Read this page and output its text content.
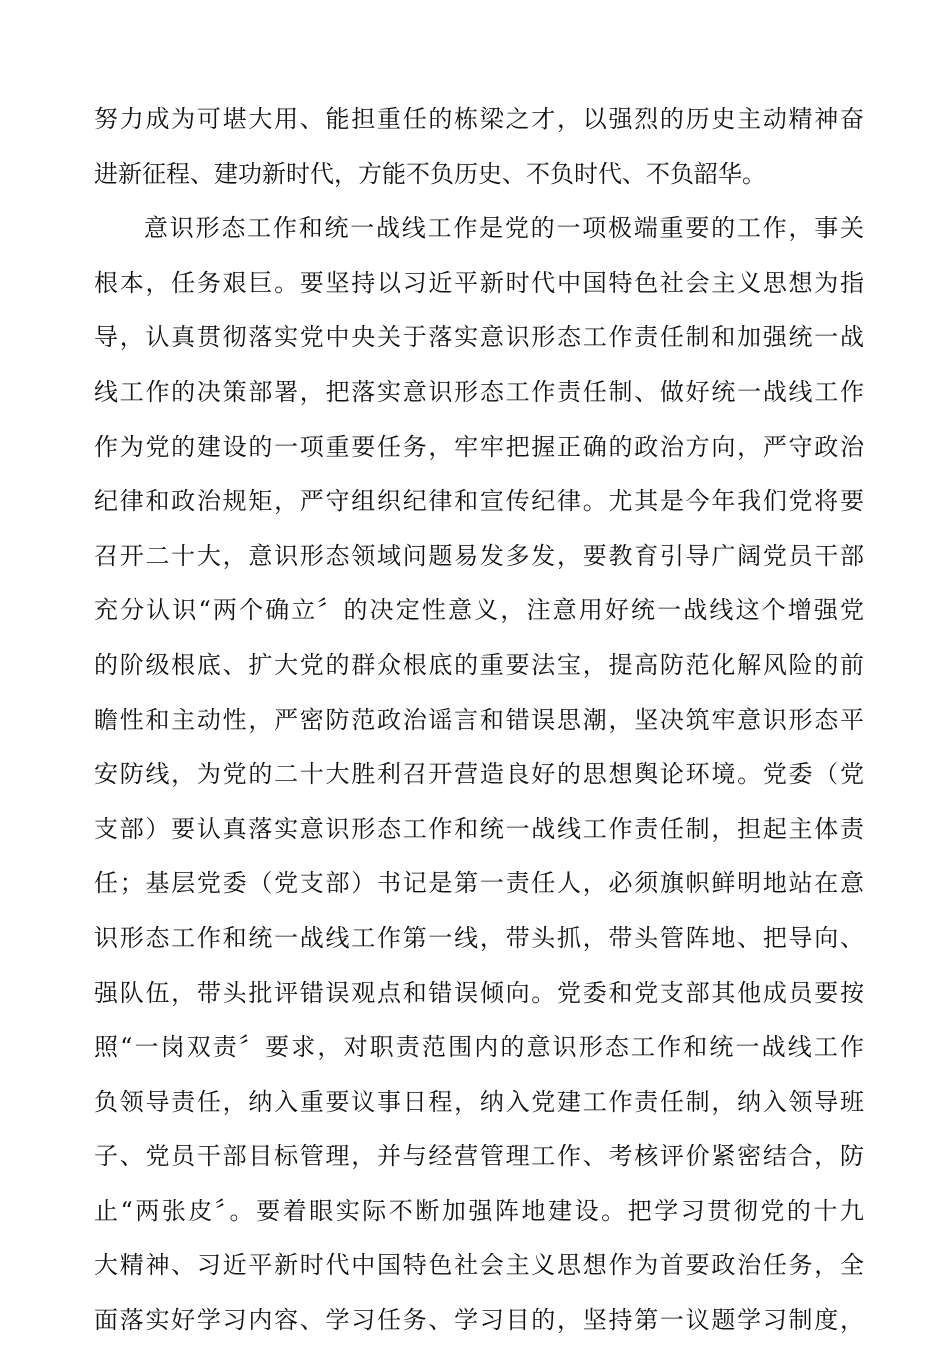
努力成为可堪大用、能担重任的栋梁之才，以强烈的历史主动精神奋
进新征程、建功新时代，方能不负历史、不负时代、不负韶华。
意识形态工作和统一战线工作是党的一项极端重要的工作，事关
根本，任务艰巨。要坚持以习近平新时代中国特色社会主义思想为指
导，认真贯彻落实党中央关于落实意识形态工作责任制和加强统一战
线工作的决策部署，把落实意识形态工作责任制、做好统一战线工作
作为党的建设的一项重要任务，牢牢把握正确的政治方向，严守政治
纪律和政治规矩，严守组织纪律和宣传纪律。尤其是今年我们党将要
召开二十大，意识形态领域问题易发多发，要教育引导广阔党员干部
充分认识“两个确立〞的决定性意义，注意用好统一战线这个增强党
的阶级根底、扩大党的群众根底的重要法宝，提高防范化解风险的前
瞻性和主动性，严密防范政治谣言和错误思潮，坚决筑牢意识形态平
安防线，为党的二十大胜利召开营造良好的思想舆论环境。党委（党
支部）要认真落实意识形态工作和统一战线工作责任制，担起主体责
任；基层党委（党支部）书记是第一责任人，必须旗帜鲜明地站在意
识形态工作和统一战线工作第一线，带头抓，带头管阵地、把导向、
强队伍，带头批评错误观点和错误倾向。党委和党支部其他成员要按
照“一岗双责〞要求，对职责范围内的意识形态工作和统一战线工作
负领导责任，纳入重要议事日程，纳入党建工作责任制，纳入领导班
子、党员干部目标管理，并与经营管理工作、考核评价紧密结合，防
止“两张皮〞。要着眼实际不断加强阵地建设。把学习贯彻党的十九
大精神、习近平新时代中国特色社会主义思想作为首要政治任务，全
面落实好学习内容、学习任务、学习目的，坚持第一议题学习制度，
